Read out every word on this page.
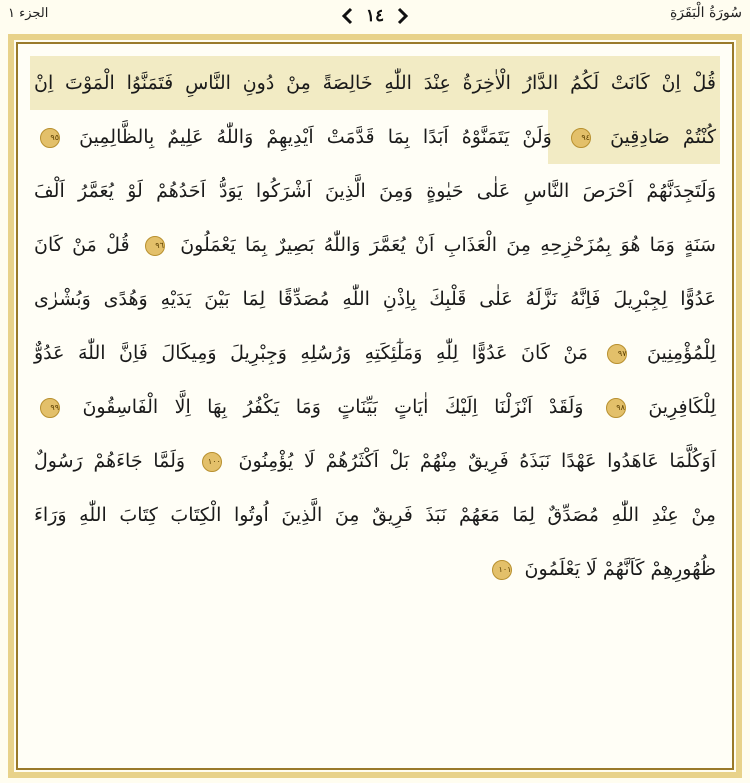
الجزء ١	١٤	سُورَةُ الْبَقَرَةِ
قُلْ اِنْ كَانَتْ لَكُمُ الدَّارُ الْاٰخِرَةُ عِنْدَ اللّٰهِ خَالِصَةً مِنْ دُونِ النَّاسِ فَتَمَنَّوُا الْمَوْتَ اِنْ
كُنْتُمْ صَادِقِينَ ٩٤ وَلَنْ يَتَمَنَّوْهُ اَبَدًا بِمَا قَدَّمَتْ اَيْدِيهِمْ وَاللّٰهُ عَلِيمٌ بِالظَّالِمِينَ ٩٥
وَلَتَجِدَنَّهُمْ اَحْرَصَ النَّاسِ عَلٰى حَيٰوةٍ وَمِنَ الَّذِينَ اَشْرَكُوا يَوَدُّ اَحَدُهُمْ لَوْ يُعَمَّرُ اَلْفَ
سَنَةٍ وَمَا هُوَ بِمُزَحْزِحِهِ مِنَ الْعَذَابِ اَنْ يُعَمَّرَ وَاللّٰهُ بَصِيرٌ بِمَا يَعْمَلُونَ ٩٦ قُلْ مَنْ كَانَ
عَدُوًّا لِجِبْرِيلَ فَاِنَّهُ نَزَّلَهُ عَلٰى قَلْبِكَ بِاِذْنِ اللّٰهِ مُصَدِّقًا لِمَا بَيْنَ يَدَيْهِ وَهُدًى وَبُشْرٰى
لِلْمُؤْمِنِينَ ٩٧ مَنْ كَانَ عَدُوًّا لِلّٰهِ وَمَلٰٓئِكَتِهِ وَرُسُلِهِ وَجِبْرِيلَ وَمِيكَالَ فَاِنَّ اللّٰهَ عَدُوٌّ
لِلْكَافِرِينَ ٩٨ وَلَقَدْ اَنْزَلْنَا اِلَيْكَ اٰيَاتٍ بَيِّنَاتٍ وَمَا يَكْفُرُ بِهَا اِلَّا الْفَاسِقُونَ ٩٩
اَوَكُلَّمَا عَاهَدُوا عَهْدًا نَبَذَهُ فَرِيقٌ مِنْهُمْ بَلْ اَكْثَرُهُمْ لَا يُؤْمِنُونَ ١٠٠ وَلَمَّا جَاءَهُمْ رَسُولٌ
مِنْ عِنْدِ اللّٰهِ مُصَدِّقٌ لِمَا مَعَهُمْ نَبَذَ فَرِيقٌ مِنَ الَّذِينَ اُوتُوا الْكِتَابَ كِتَابَ اللّٰهِ وَرَاءَ
ظُهُورِهِمْ كَاَنَّهُمْ لَا يَعْلَمُونَ ١٠١
